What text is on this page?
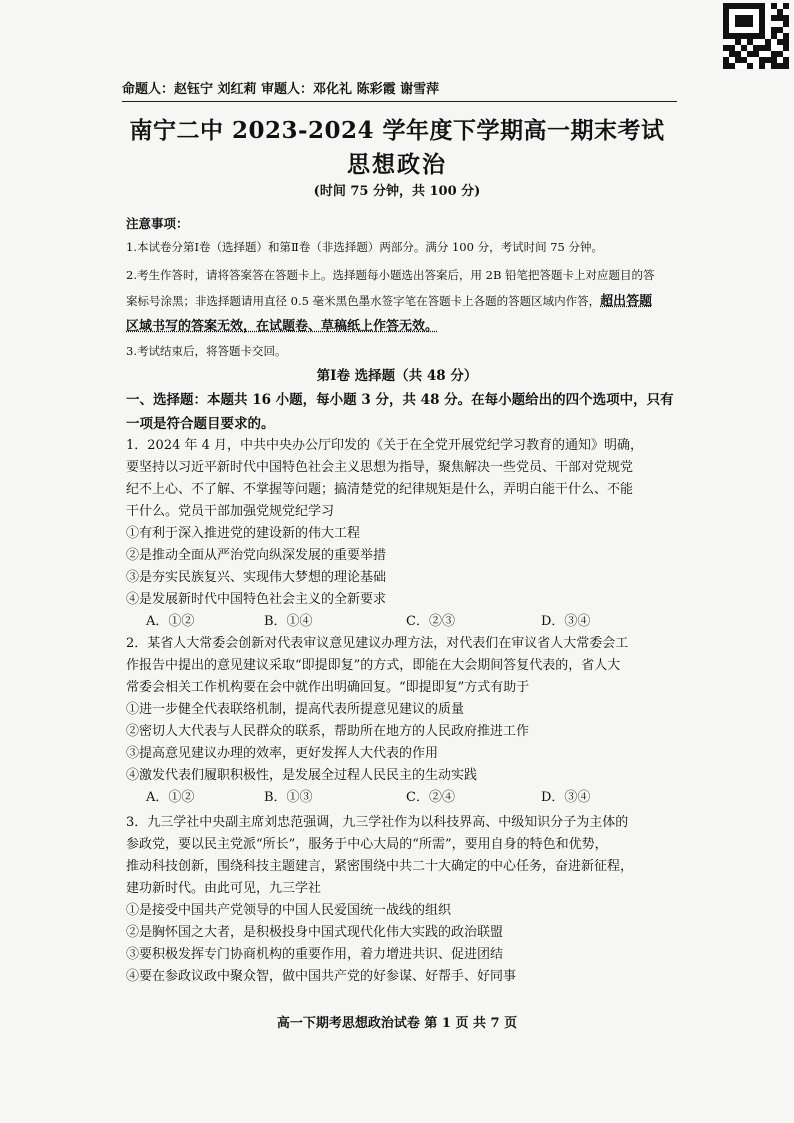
命题人：赵钰宁 刘红莉 审题人：邓化礼 陈彩霞 谢雪萍
南宁二中 2023-2024 学年度下学期高一期末考试
思想政治
(时间 75 分钟，共 100 分)
注意事项：
1.本试卷分第Ⅰ卷（选择题）和第Ⅱ卷（非选择题）两部分。满分 100 分，考试时间 75 分钟。
2.考生作答时，请将答案答在答题卡上。选择题每小题选出答案后，用 2B 铅笔把答题卡上对应题目的答
案标号涂黑；非选择题请用直径 0.5 毫米黑色墨水签字笔在答题卡上各题的答题区域内作答，超出答题
区域书写的答案无效，在试题卷、草稿纸上作答无效。
3.考试结束后，将答题卡交回。
第Ⅰ卷 选择题（共 48 分）
一、选择题：本题共 16 小题，每小题 3 分，共 48 分。在每小题给出的四个选项中，只有
一项是符合题目要求的。
1．2024 年 4 月，中共中央办公厅印发的《关于在全党开展党纪学习教育的通知》明确，
要坚持以习近平新时代中国特色社会主义思想为指导，聚焦解决一些党员、干部对党规党
纪不上心、不了解、不掌握等问题；搞清楚党的纪律规矩是什么，弄明白能干什么、不能
干什么。党员干部加强党规党纪学习
①有利于深入推进党的建设新的伟大工程
②是推动全面从严治党向纵深发展的重要举措
③是夯实民族复兴、实现伟大梦想的理论基础
④是发展新时代中国特色社会主义的全新要求
A．①②	B．①④	C．②③	D．③④
2．某省人大常委会创新对代表审议意见建议办理方法，对代表们在审议省人大常委会工
作报告中提出的意见建议采取“即提即复”的方式，即能在大会期间答复代表的，省人大
常委会相关工作机构要在会中就作出明确回复。“即提即复”方式有助于
①进一步健全代表联络机制，提高代表所提意见建议的质量
②密切人大代表与人民群众的联系，帮助所在地方的人民政府推进工作
③提高意见建议办理的效率，更好发挥人大代表的作用
④激发代表们履职积极性，是发展全过程人民民主的生动实践
A．①②	B．①③	C．②④	D．③④
3．九三学社中央副主席刘忠范强调，九三学社作为以科技界高、中级知识分子为主体的
参政党，要以民主党派“所长”，服务于中心大局的“所需”，要用自身的特色和优势，
推动科技创新，围绕科技主题建言，紧密围绕中共二十大确定的中心任务，奋进新征程，
建功新时代。由此可见，九三学社
①是接受中国共产党领导的中国人民爱国统一战线的组织
②是胸怀国之大者，是积极投身中国式现代化伟大实践的政治联盟
③要积极发挥专门协商机构的重要作用，着力增进共识、促进团结
④要在参政议政中聚众智，做中国共产党的好参谋、好帮手、好同事
高一下期考思想政治试卷 第 1 页 共 7 页
